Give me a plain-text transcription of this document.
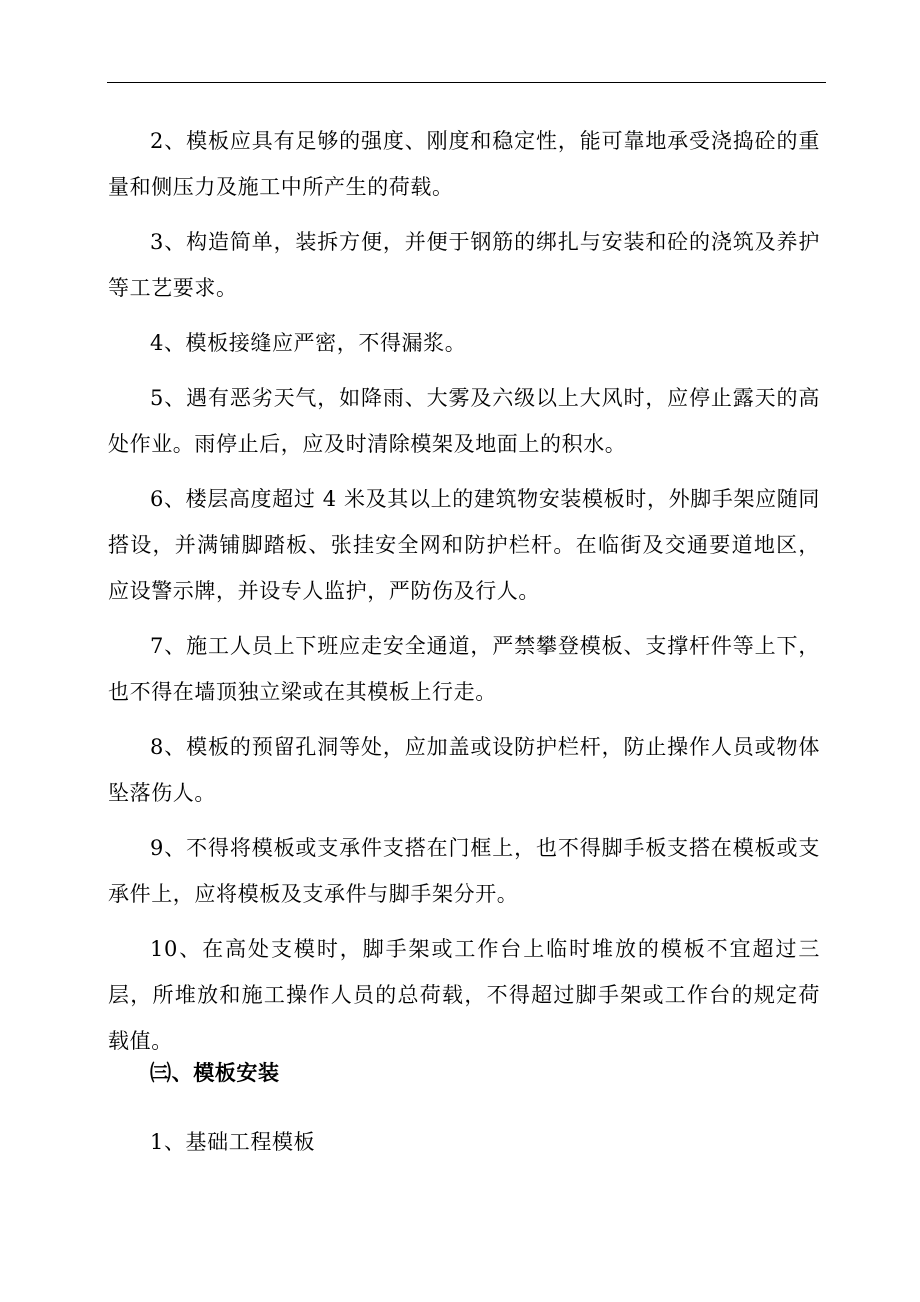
2、模板应具有足够的强度、刚度和稳定性，能可靠地承受浇捣砼的重量和侧压力及施工中所产生的荷载。

3、构造简单，装拆方便，并便于钢筋的绑扎与安装和砼的浇筑及养护等工艺要求。

4、模板接缝应严密，不得漏浆。

5、遇有恶劣天气，如降雨、大雾及六级以上大风时，应停止露天的高处作业。雨停止后，应及时清除模架及地面上的积水。

6、楼层高度超过 4 米及其以上的建筑物安装模板时，外脚手架应随同搭设，并满铺脚踏板、张挂安全网和防护栏杆。在临街及交通要道地区，应设警示牌，并设专人监护，严防伤及行人。

7、施工人员上下班应走安全通道，严禁攀登模板、支撑杆件等上下，也不得在墙顶独立梁或在其模板上行走。

8、模板的预留孔洞等处，应加盖或设防护栏杆，防止操作人员或物体坠落伤人。

9、不得将模板或支承件支搭在门框上，也不得脚手板支搭在模板或支承件上，应将模板及支承件与脚手架分开。

10、在高处支模时，脚手架或工作台上临时堆放的模板不宜超过三层，所堆放和施工操作人员的总荷载，不得超过脚手架或工作台的规定荷载值。

㈢、模板安装

1、基础工程模板
